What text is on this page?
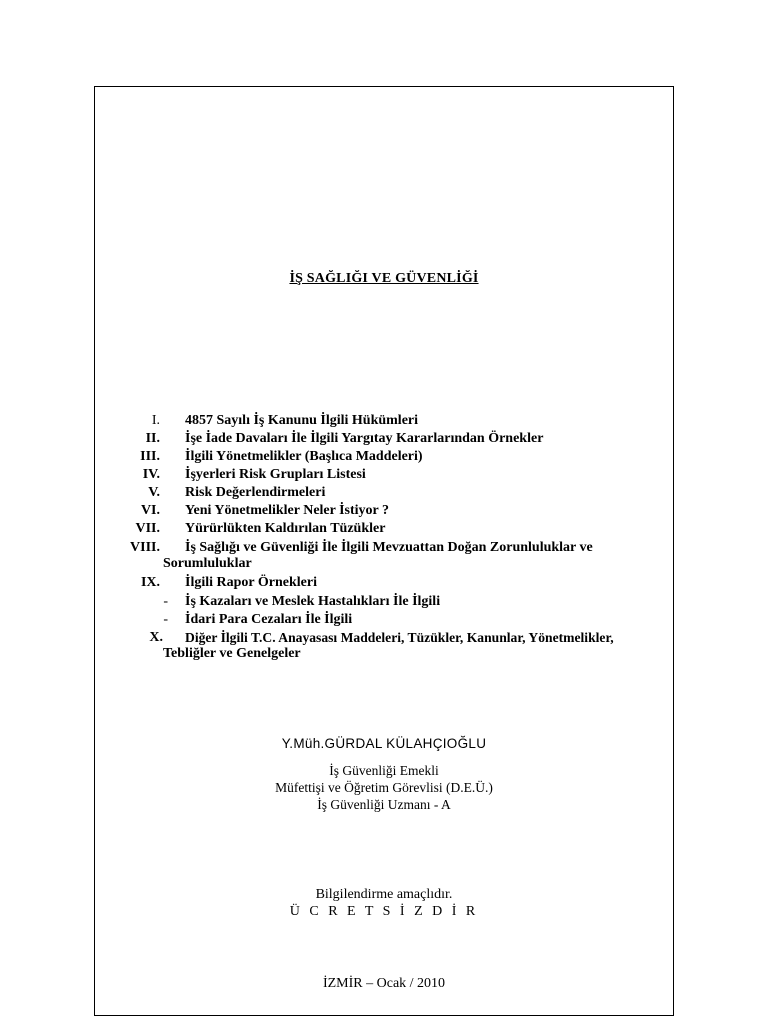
İŞ SAĞLIĞI VE GÜVENLİĞİ
I. 4857 Sayılı İş Kanunu İlgili Hükümleri
II. İşe İade Davaları İle İlgili Yargıtay Kararlarından Örnekler
III. İlgili Yönetmelikler (Başlıca Maddeleri)
IV. İşyerleri Risk Grupları Listesi
V. Risk Değerlendirmeleri
VI. Yeni Yönetmelikler Neler İstiyor ?
VII. Yürürlükten Kaldırılan Tüzükler
VIII. İş Sağlığı ve Güvenliği İle İlgili Mevzuattan Doğan Zorunluluklar ve
Sorumluluklar
IX. İlgili Rapor Örnekleri
- İş Kazaları ve Meslek Hastalıkları İle İlgili
- İdari Para Cezaları İle İlgili
X. Diğer İlgili T.C. Anayasası Maddeleri, Tüzükler, Kanunlar, Yönetmelikler,
Tebliğler ve Genelgeler
Y.Müh.GÜRDAL KÜLAHÇIOĞLU
İş Güvenliği Emekli
Müfettişi ve Öğretim Görevlisi (D.E.Ü.)
İş Güvenliği Uzmanı - A
Bilgilendirme amaçlıdır.
Ü C R E T S İ Z D İ R
İZMİR – Ocak / 2010
